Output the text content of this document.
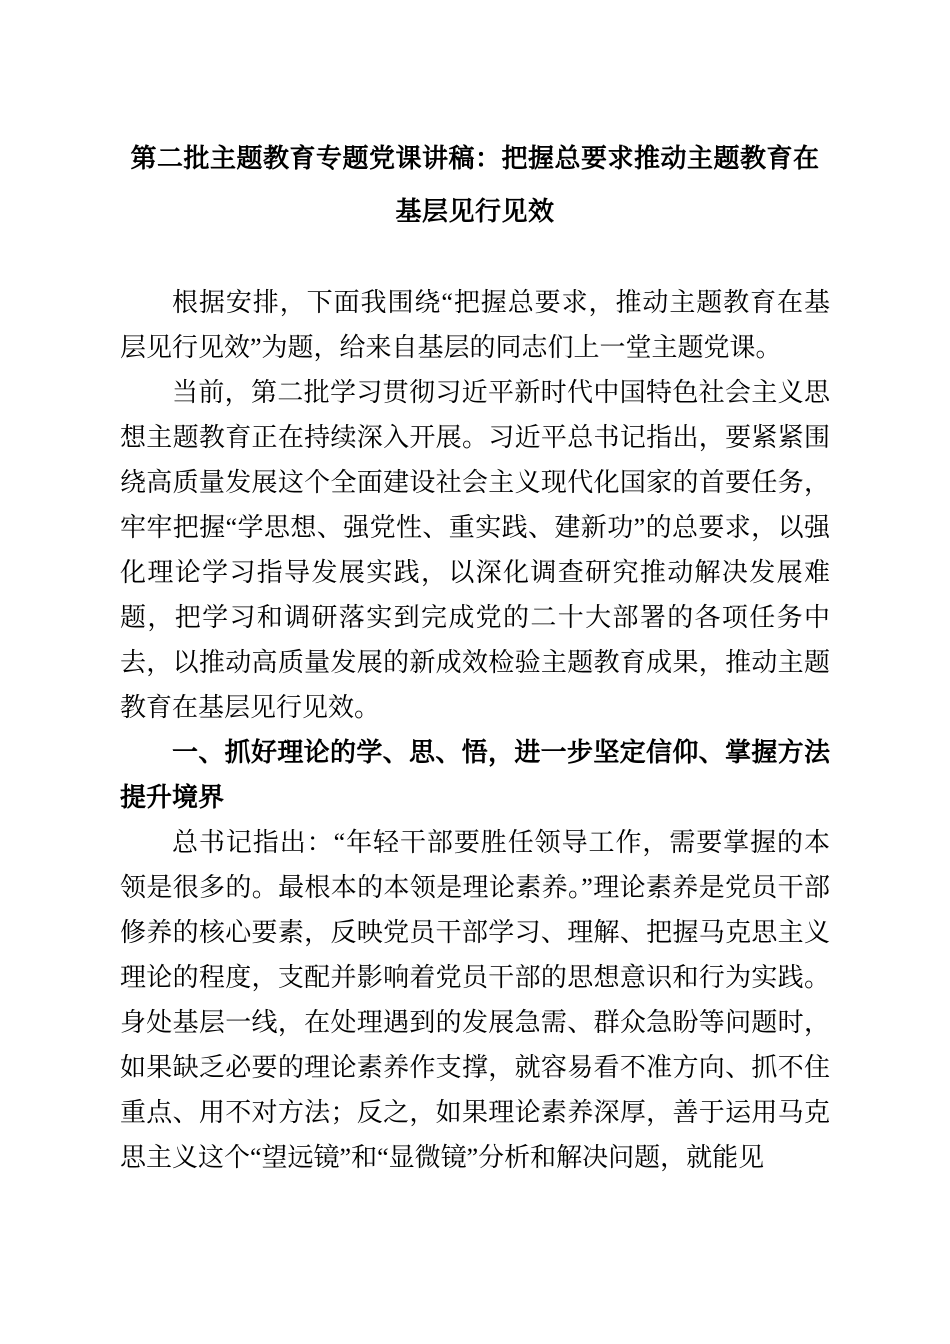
第二批主题教育专题党课讲稿：把握总要求推动主题教育在基层见行见效

根据安排，下面我围绕“把握总要求，推动主题教育在基层见行见效”为题，给来自基层的同志们上一堂主题党课。

当前，第二批学习贯彻习近平新时代中国特色社会主义思想主题教育正在持续深入开展。习近平总书记指出，要紧紧围绕高质量发展这个全面建设社会主义现代化国家的首要任务，牢牢把握“学思想、强党性、重实践、建新功”的总要求，以强化理论学习指导发展实践，以深化调查研究推动解决发展难题，把学习和调研落实到完成党的二十大部署的各项任务中去，以推动高质量发展的新成效检验主题教育成果，推动主题教育在基层见行见效。

一、抓好理论的学、思、悟，进一步坚定信仰、掌握方法提升境界

总书记指出：“年轻干部要胜任领导工作，需要掌握的本领是很多的。最根本的本领是理论素养。”理论素养是党员干部修养的核心要素，反映党员干部学习、理解、把握马克思主义理论的程度，支配并影响着党员干部的思想意识和行为实践。身处基层一线，在处理遇到的发展急需、群众急盼等问题时，如果缺乏必要的理论素养作支撑，就容易看不准方向、抓不住重点、用不对方法；反之，如果理论素养深厚，善于运用马克思主义这个“望远镜”和“显微镜”分析和解决问题，就能见
